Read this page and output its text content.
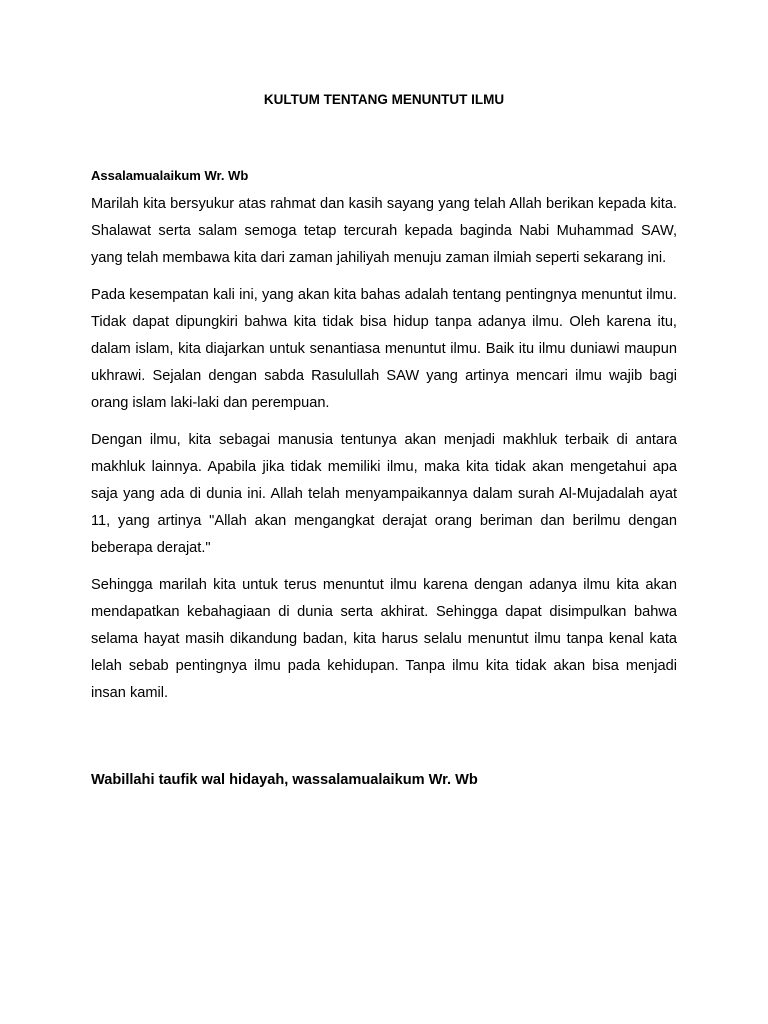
KULTUM TENTANG MENUNTUT ILMU
Assalamualaikum Wr. Wb

Marilah kita bersyukur atas rahmat dan kasih sayang yang telah Allah berikan kepada kita. Shalawat serta salam semoga tetap tercurah kepada baginda Nabi Muhammad SAW, yang telah membawa kita dari zaman jahiliyah menuju zaman ilmiah seperti sekarang ini.

Pada kesempatan kali ini, yang akan kita bahas adalah tentang pentingnya menuntut ilmu. Tidak dapat dipungkiri bahwa kita tidak bisa hidup tanpa adanya ilmu. Oleh karena itu, dalam islam, kita diajarkan untuk senantiasa menuntut ilmu. Baik itu ilmu duniawi maupun ukhrawi. Sejalan dengan sabda Rasulullah SAW yang artinya mencari ilmu wajib bagi orang islam laki-laki dan perempuan.

Dengan ilmu, kita sebagai manusia tentunya akan menjadi makhluk terbaik di antara makhluk lainnya. Apabila jika tidak memiliki ilmu, maka kita tidak akan mengetahui apa saja yang ada di dunia ini. Allah telah menyampaikannya dalam surah Al-Mujadalah ayat 11, yang artinya "Allah akan mengangkat derajat orang beriman dan berilmu dengan beberapa derajat."

Sehingga marilah kita untuk terus menuntut ilmu karena dengan adanya ilmu kita akan mendapatkan kebahagiaan di dunia serta akhirat. Sehingga dapat disimpulkan bahwa selama hayat masih dikandung badan, kita harus selalu menuntut ilmu tanpa kenal kata lelah sebab pentingnya ilmu pada kehidupan. Tanpa ilmu kita tidak akan bisa menjadi insan kamil.

Wabillahi taufik wal hidayah, wassalamualaikum Wr. Wb
